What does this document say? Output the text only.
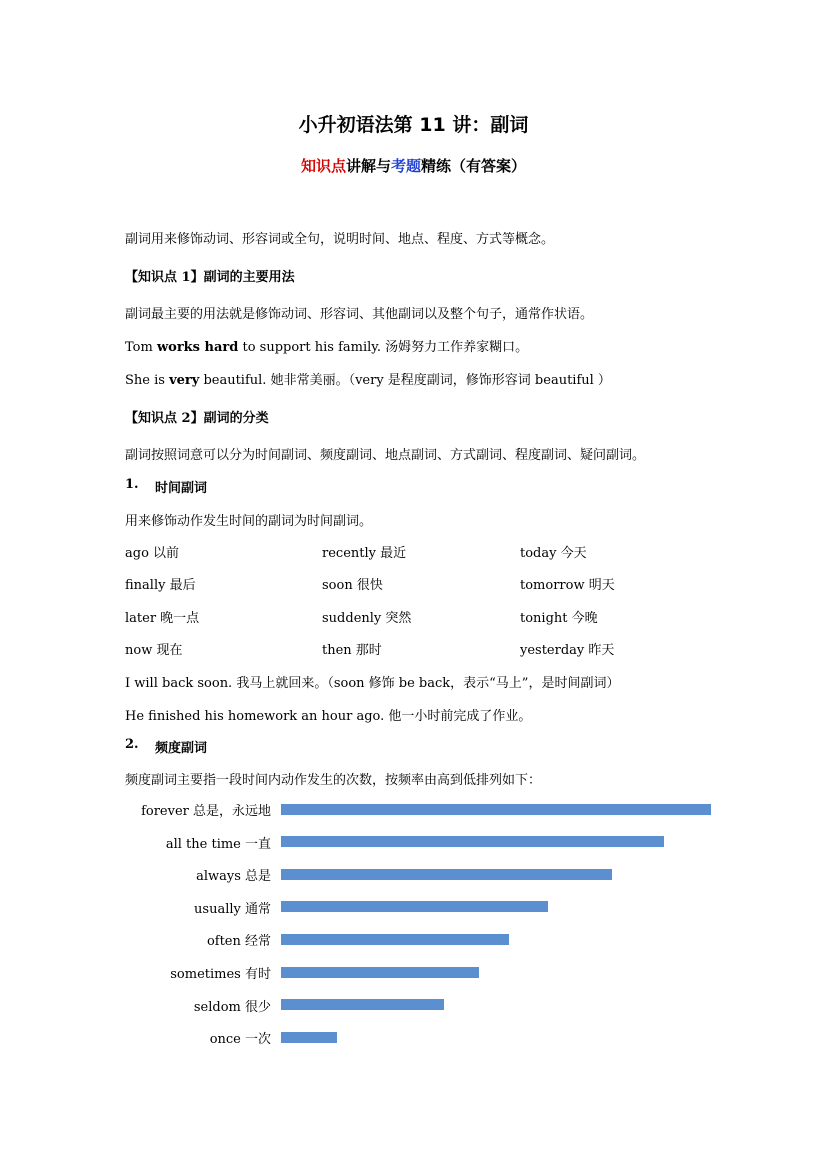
小升初语法第 11 讲：副词
知识点讲解与考题精练（有答案）
副词用来修饰动词、形容词或全句，说明时间、地点、程度、方式等概念。
【知识点 1】副词的主要用法
副词最主要的用法就是修饰动词、形容词、其他副词以及整个句子，通常作状语。
Tom works hard to support his family. 汤姆努力工作养家糊口。
She is very beautiful. 她非常美丽。（very 是程度副词，修饰形容词 beautiful ）
【知识点 2】副词的分类
副词按照词意可以分为时间副词、频度副词、地点副词、方式副词、程度副词、疑问副词。
1. 时间副词
用来修饰动作发生时间的副词为时间副词。
ago 以前	recently 最近	today 今天
finally 最后	soon 很快	tomorrow 明天
later 晚一点	suddenly 突然	tonight 今晚
now 现在	then 那时	yesterday 昨天
I will back soon. 我马上就回来。（soon 修饰 be back，表示“马上”，是时间副词）
He finished his homework an hour ago. 他一小时前完成了作业。
2. 频度副词
频度副词主要指一段时间内动作发生的次数，按频率由高到低排列如下：
forever 总是，永远地
all the time 一直
always 总是
usually 通常
often 经常
sometimes 有时
seldom 很少
once 一次
